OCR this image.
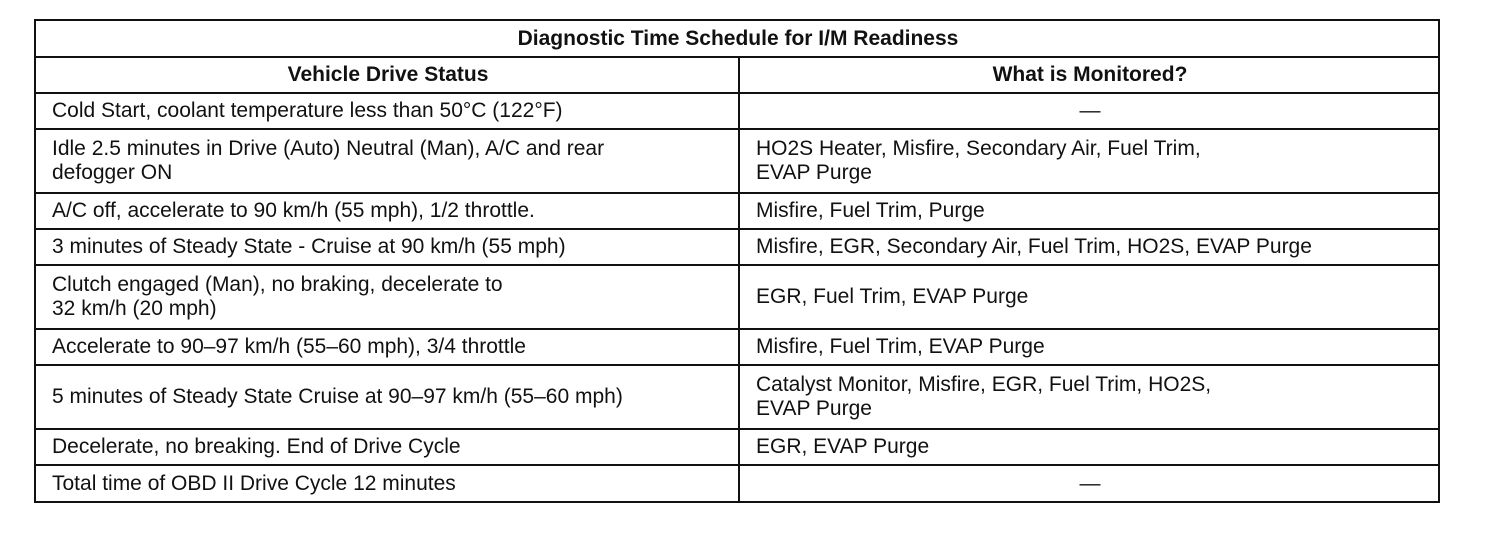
Diagnostic Time Schedule for I/M Readiness	
Vehicle Drive Status	What is Monitored?

Cold Start, coolant temperature less than 50°C (122°F)	—

Idle 2.5 minutes in Drive (Auto) Neutral (Man), A/C and rear
defogger ON	HO2S Heater, Misfire, Secondary Air, Fuel Trim,
EVAP Purge

A/C off, accelerate to 90 km/h (55 mph), 1/2 throttle.	Misfire, Fuel Trim, Purge

3 minutes of Steady State - Cruise at 90 km/h (55 mph)	Misfire, EGR, Secondary Air, Fuel Trim, HO2S, EVAP Purge

Clutch engaged (Man), no braking, decelerate to
32 km/h (20 mph)	EGR, Fuel Trim, EVAP Purge

Accelerate to 90–97 km/h (55–60 mph), 3/4 throttle	Misfire, Fuel Trim, EVAP Purge

5 minutes of Steady State Cruise at 90–97 km/h (55–60 mph)	Catalyst Monitor, Misfire, EGR, Fuel Trim, HO2S,
EVAP Purge

Decelerate, no breaking. End of Drive Cycle	EGR, EVAP Purge

Total time of OBD II Drive Cycle 12 minutes	—
